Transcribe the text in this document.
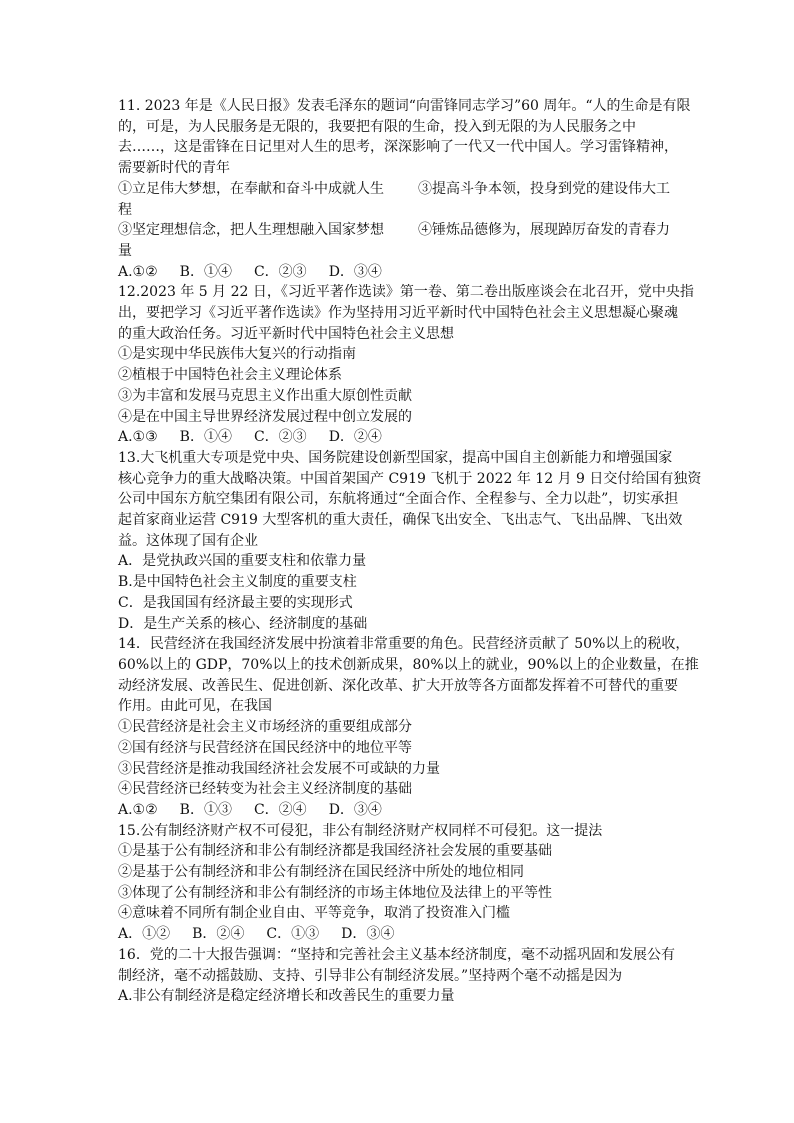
11. 2023 年是《人民日报》发表毛泽东的题词“向雷锋同志学习”60 周年。“人的生命是有限
的，可是，为人民服务是无限的，我要把有限的生命，投入到无限的为人民服务之中
去……，这是雷锋在日记里对人生的思考，深深影响了一代又一代中国人。学习雷锋精神，
需要新时代的青年
①立足伟大梦想，在奉献和奋斗中成就人生	③提高斗争本领，投身到党的建设伟大工
程
③坚定理想信念，把人生理想融入国家梦想	④锤炼品德修为，展现踔厉奋发的青春力
量
A.①② B．①④ C．②③ D．③④
12.2023 年 5 月 22 日，《习近平著作选读》第一卷、第二卷出版座谈会在北召开，党中央指
出，要把学习《习近平著作选读》作为坚持用习近平新时代中国特色社会主义思想凝心聚魂
的重大政治任务。习近平新时代中国特色社会主义思想
①是实现中华民族伟大复兴的行动指南
②植根于中国特色社会主义理论体系
③为丰富和发展马克思主义作出重大原创性贡献
④是在中国主导世界经济发展过程中创立发展的
A.①③ B．①④ C．②③ D．②④
13.大飞机重大专项是党中央、国务院建设创新型国家，提高中国自主创新能力和增强国家
核心竞争力的重大战略决策。中国首架国产 C919 飞机于 2022 年 12 月 9 日交付给国有独资
公司中国东方航空集团有限公司，东航将通过“全面合作、全程参与、全力以赴”，切实承担
起首家商业运营 C919 大型客机的重大责任，确保飞出安全、飞出志气、飞出品牌、飞出效
益。这体现了国有企业
A．是党执政兴国的重要支柱和依靠力量
B.是中国特色社会主义制度的重要支柱
C．是我国国有经济最主要的实现形式
D．是生产关系的核心、经济制度的基础
14．民营经济在我国经济发展中扮演着非常重要的角色。民营经济贡献了 50%以上的税收，
60%以上的 GDP，70%以上的技术创新成果，80%以上的就业，90%以上的企业数量，在推
动经济发展、改善民生、促进创新、深化改革、扩大开放等各方面都发挥着不可替代的重要
作用。由此可见，在我国
①民营经济是社会主义市场经济的重要组成部分
②国有经济与民营经济在国民经济中的地位平等
③民营经济是推动我国经济社会发展不可或缺的力量
④民营经济已经转变为社会主义经济制度的基础
A.①② B．①③ C．②④ D．③④
15.公有制经济财产权不可侵犯，非公有制经济财产权同样不可侵犯。这一提法
①是基于公有制经济和非公有制经济都是我国经济社会发展的重要基础
②是基于公有制经济和非公有制经济在国民经济中所处的地位相同
③体现了公有制经济和非公有制经济的市场主体地位及法律上的平等性
④意味着不同所有制企业自由、平等竞争，取消了投资准入门槛
A．①② B．②④ C．①③ D．③④
16．党的二十大报告强调：“坚持和完善社会主义基本经济制度，毫不动摇巩固和发展公有
制经济，毫不动摇鼓励、支持、引导非公有制经济发展。”坚持两个毫不动摇是因为
A.非公有制经济是稳定经济增长和改善民生的重要力量
